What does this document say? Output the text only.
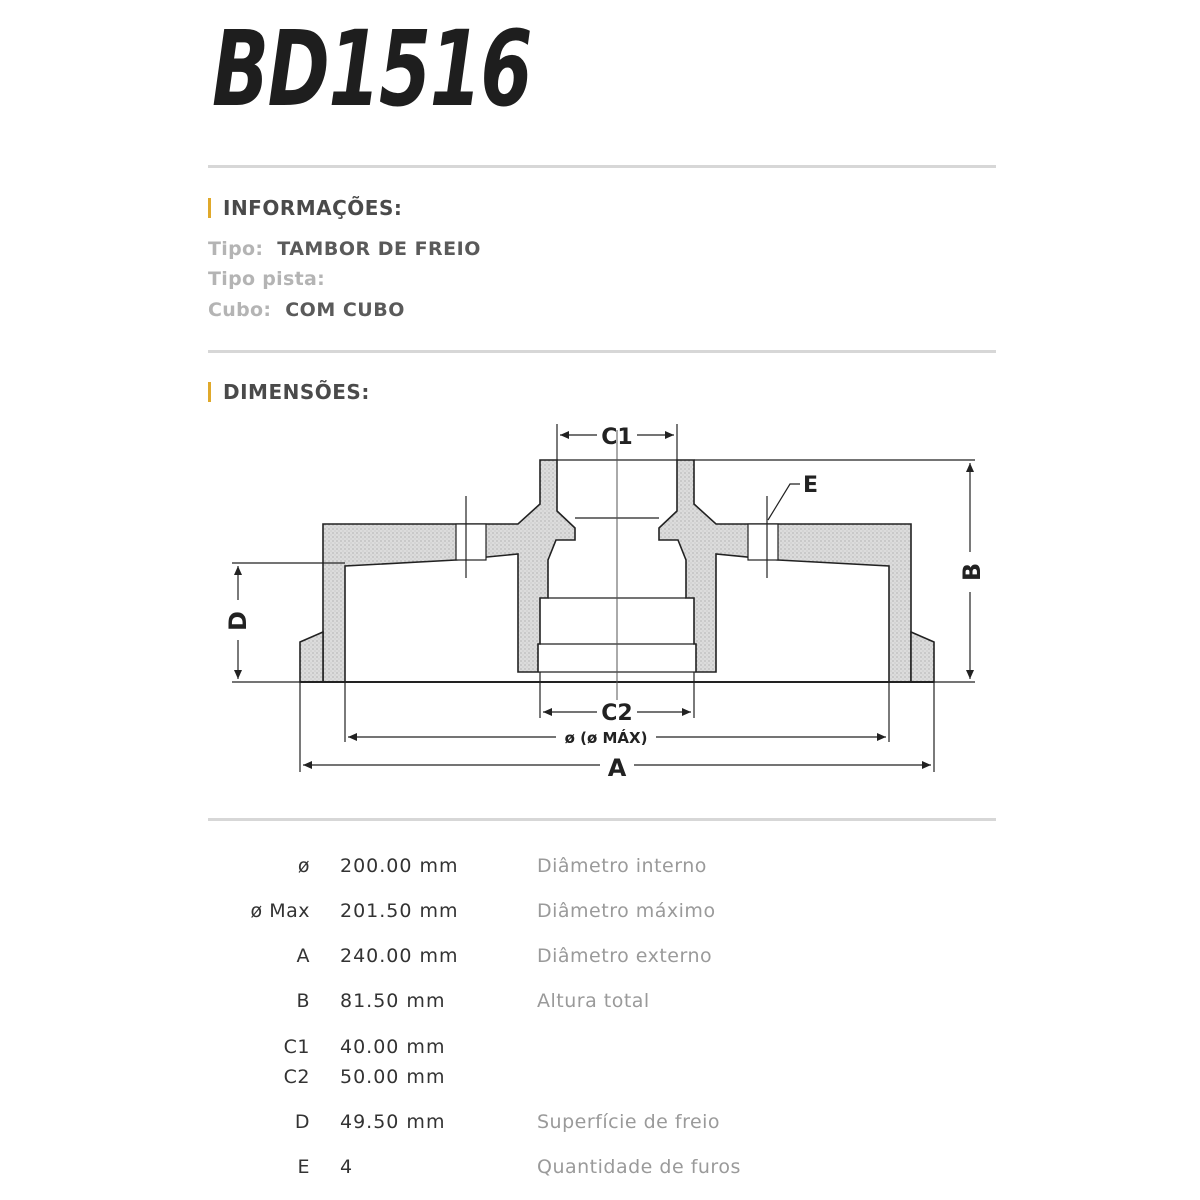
BD1516
INFORMAÇÕES:
Tipo: TAMBOR DE FREIO
Tipo pista:
Cubo: COM CUBO
DIMENSÕES:
C1
C2
ø (ø MÁX)
A
E
B
D
ø 200.00 mm	Diâmetro interno
ø Max 201.50 mm	Diâmetro máximo
A 240.00 mm	Diâmetro externo
B 81.50 mm	Altura total
C1 40.00 mm
C2 50.00 mm
D 49.50 mm	Superfície de freio
E 4	Quantidade de furos
